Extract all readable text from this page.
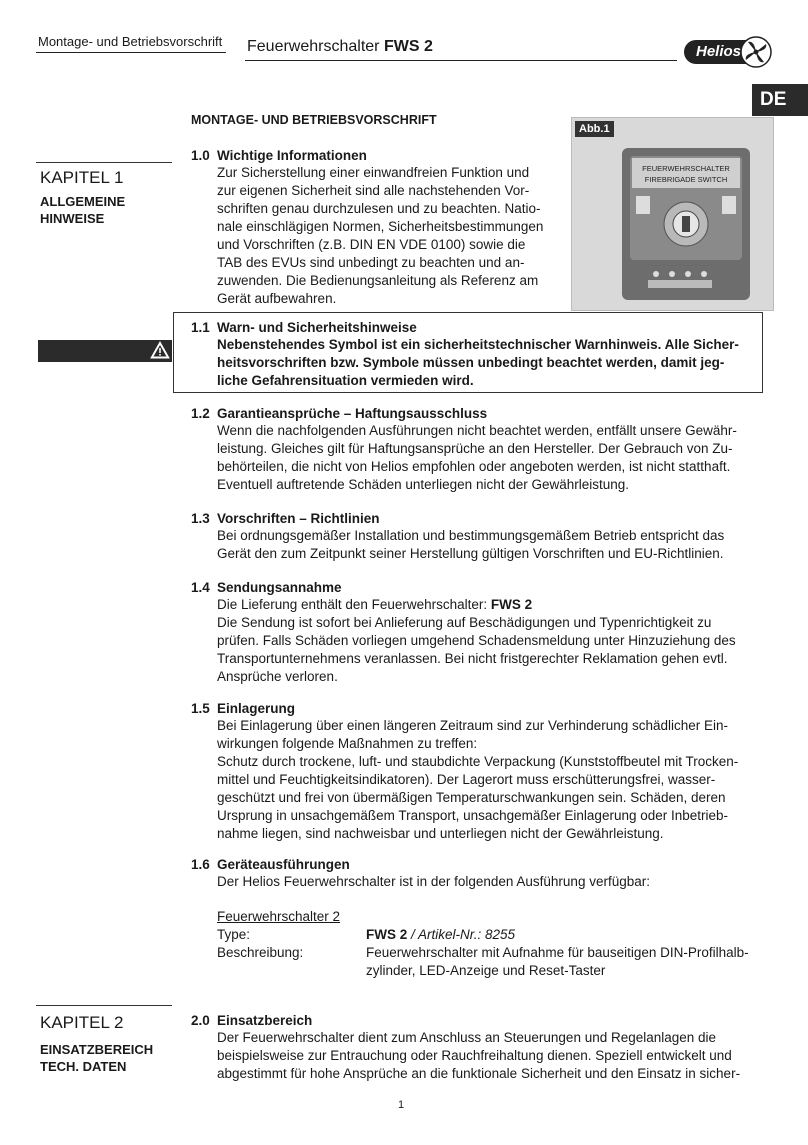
Montage- und Betriebsvorschrift Feuerwehrschalter FWS 2	Helios
DE
MONTAGE- UND BETRIEBSVORSCHRIFT
FEUERWEHRSCHALTER
FIREBRIGADE SWITCH
Abb.1
KAPITEL 1
ALLGEMEINE
HINWEISE
1.0 Wichtige Informationen
Zur Sicherstellung einer einwandfreien Funktion und
zur eigenen Sicherheit sind alle nachstehenden Vor-
schriften genau durchzulesen und zu beachten. Natio-
nale einschlägigen Normen, Sicherheitsbestimmungen
und Vorschriften (z.B. DIN EN VDE 0100) sowie die
TAB des EVUs sind unbedingt zu beachten und an-
zuwenden. Die Bedienungsanleitung als Referenz am
Gerät aufbewahren.
1.1 Warn- und Sicherheitshinweise
Nebenstehendes Symbol ist ein sicherheitstechnischer Warnhinweis. Alle Sicher-
heitsvorschriften bzw. Symbole müssen unbedingt beachtet werden, damit jeg-
liche Gefahrensituation vermieden wird.
1.2 Garantieansprüche – Haftungsausschluss
Wenn die nachfolgenden Ausführungen nicht beachtet werden, entfällt unsere Gewähr-
leistung. Gleiches gilt für Haftungsansprüche an den Hersteller. Der Gebrauch von Zu-
behörteilen, die nicht von Helios empfohlen oder angeboten werden, ist nicht statthaft.
Eventuell auftretende Schäden unterliegen nicht der Gewährleistung.
1.3 Vorschriften – Richtlinien
Bei ordnungsgemäßer Installation und bestimmungsgemäßem Betrieb entspricht das
Gerät den zum Zeitpunkt seiner Herstellung gültigen Vorschriften und EU-Richtlinien.
1.4 Sendungsannahme
Die Lieferung enthält den Feuerwehrschalter: FWS 2
Die Sendung ist sofort bei Anlieferung auf Beschädigungen und Typenrichtigkeit zu
prüfen. Falls Schäden vorliegen umgehend Schadensmeldung unter Hinzuziehung des
Transportunternehmens veranlassen. Bei nicht fristgerechter Reklamation gehen evtl.
Ansprüche verloren.
1.5 Einlagerung
Bei Einlagerung über einen längeren Zeitraum sind zur Verhinderung schädlicher Ein-
wirkungen folgende Maßnahmen zu treffen:
Schutz durch trockene, luft- und staubdichte Verpackung (Kunststoffbeutel mit Trocken-
mittel und Feuchtigkeitsindikatoren). Der Lagerort muss erschütterungsfrei, wasser-
geschützt und frei von übermäßigen Temperaturschwankungen sein. Schäden, deren
Ursprung in unsachgemäßem Transport, unsachgemäßer Einlagerung oder Inbetrieb-
nahme liegen, sind nachweisbar und unterliegen nicht der Gewährleistung.
1.6 Geräteausführungen
Der Helios Feuerwehrschalter ist in der folgenden Ausführung verfügbar:
Feuerwehrschalter 2
Type:	FWS 2 / Artikel-Nr.: 8255
Beschreibung:	Feuerwehrschalter mit Aufnahme für bauseitigen DIN-Profilhalb-
zylinder, LED-Anzeige und Reset-Taster
KAPITEL 2
EINSATZBEREICH
TECH. DATEN
2.0 Einsatzbereich
Der Feuerwehrschalter dient zum Anschluss an Steuerungen und Regelanlagen die
beispielsweise zur Entrauchung oder Rauchfreihaltung dienen. Speziell entwickelt und
abgestimmt für hohe Ansprüche an die funktionale Sicherheit und den Einsatz in sicher-
1
